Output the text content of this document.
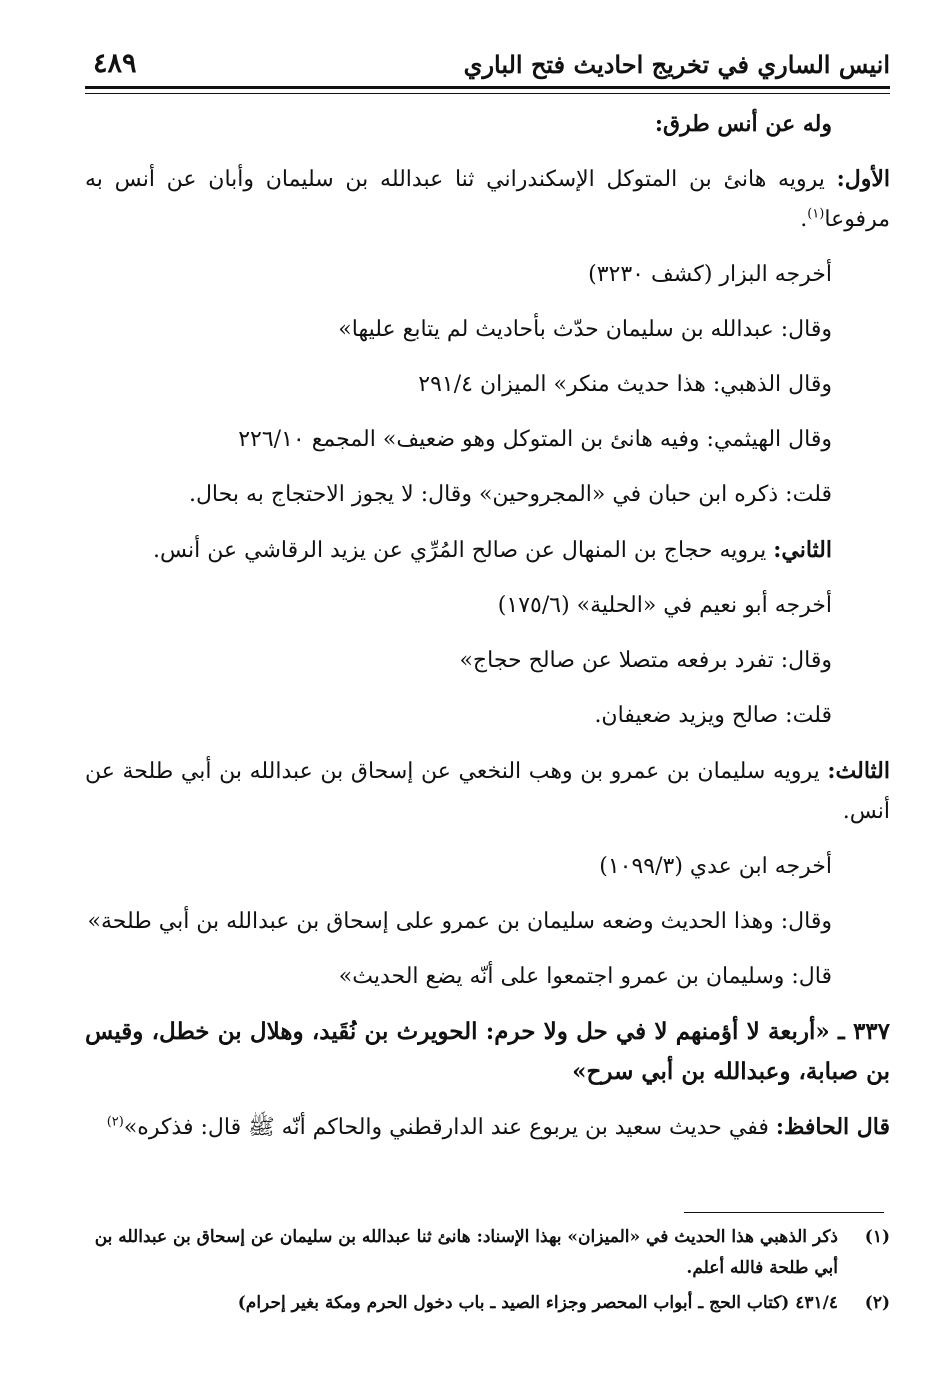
انيس الساري في تخريج احاديث فتح الباري
٤٨٩

وله عن أنس طرق:

الأول: يرويه هانئ بن المتوكل الإسكندراني ثنا عبدالله بن سليمان وأبان عن أنس به مرفوعا$^{(١)}$.

أخرجه البزار (كشف ٣٢٣٠)

وقال: عبدالله بن سليمان حدّث بأحاديث لم يتابع عليها»

وقال الذهبي: هذا حديث منكر» الميزان ٢٩١/٤

وقال الهيثمي: وفيه هانئ بن المتوكل وهو ضعيف» المجمع ٢٢٦/١٠

قلت: ذكره ابن حبان في «المجروحين» وقال: لا يجوز الاحتجاج به بحال.

الثاني: يرويه حجاج بن المنهال عن صالح المُرِّي عن يزيد الرقاشي عن أنس.

أخرجه أبو نعيم في «الحلية» (١٧٥/٦)

وقال: تفرد برفعه متصلا عن صالح حجاج»

قلت: صالح ويزيد ضعيفان.

الثالث: يرويه سليمان بن عمرو بن وهب النخعي عن إسحاق بن عبدالله بن أبي طلحة عن أنس.

أخرجه ابن عدي (١٠٩٩/٣)

وقال: وهذا الحديث وضعه سليمان بن عمرو على إسحاق بن عبدالله بن أبي طلحة»

قال: وسليمان بن عمرو اجتمعوا على أنّه يضع الحديث»

٣٣٧ ـ «أربعة لا أؤمنهم لا في حل ولا حرم: الحويرث بن نُقَيد، وهلال بن خطل، وقيس بن صبابة، وعبدالله بن أبي سرح»

قال الحافظ: ففي حديث سعيد بن يربوع عند الدارقطني والحاكم أنّه ﷺ قال: فذكره»$^{(٢)}$

(١)
ذكر الذهبي هذا الحديث في «الميزان» بهذا الإسناد: هانئ ثنا عبدالله بن سليمان عن إسحاق بن عبدالله بن أبي طلحة فالله أعلم.
(٢)
٤٣١/٤ (كتاب الحج ـ أبواب المحصر وجزاء الصيد ـ باب دخول الحرم ومكة بغير إحرام)
